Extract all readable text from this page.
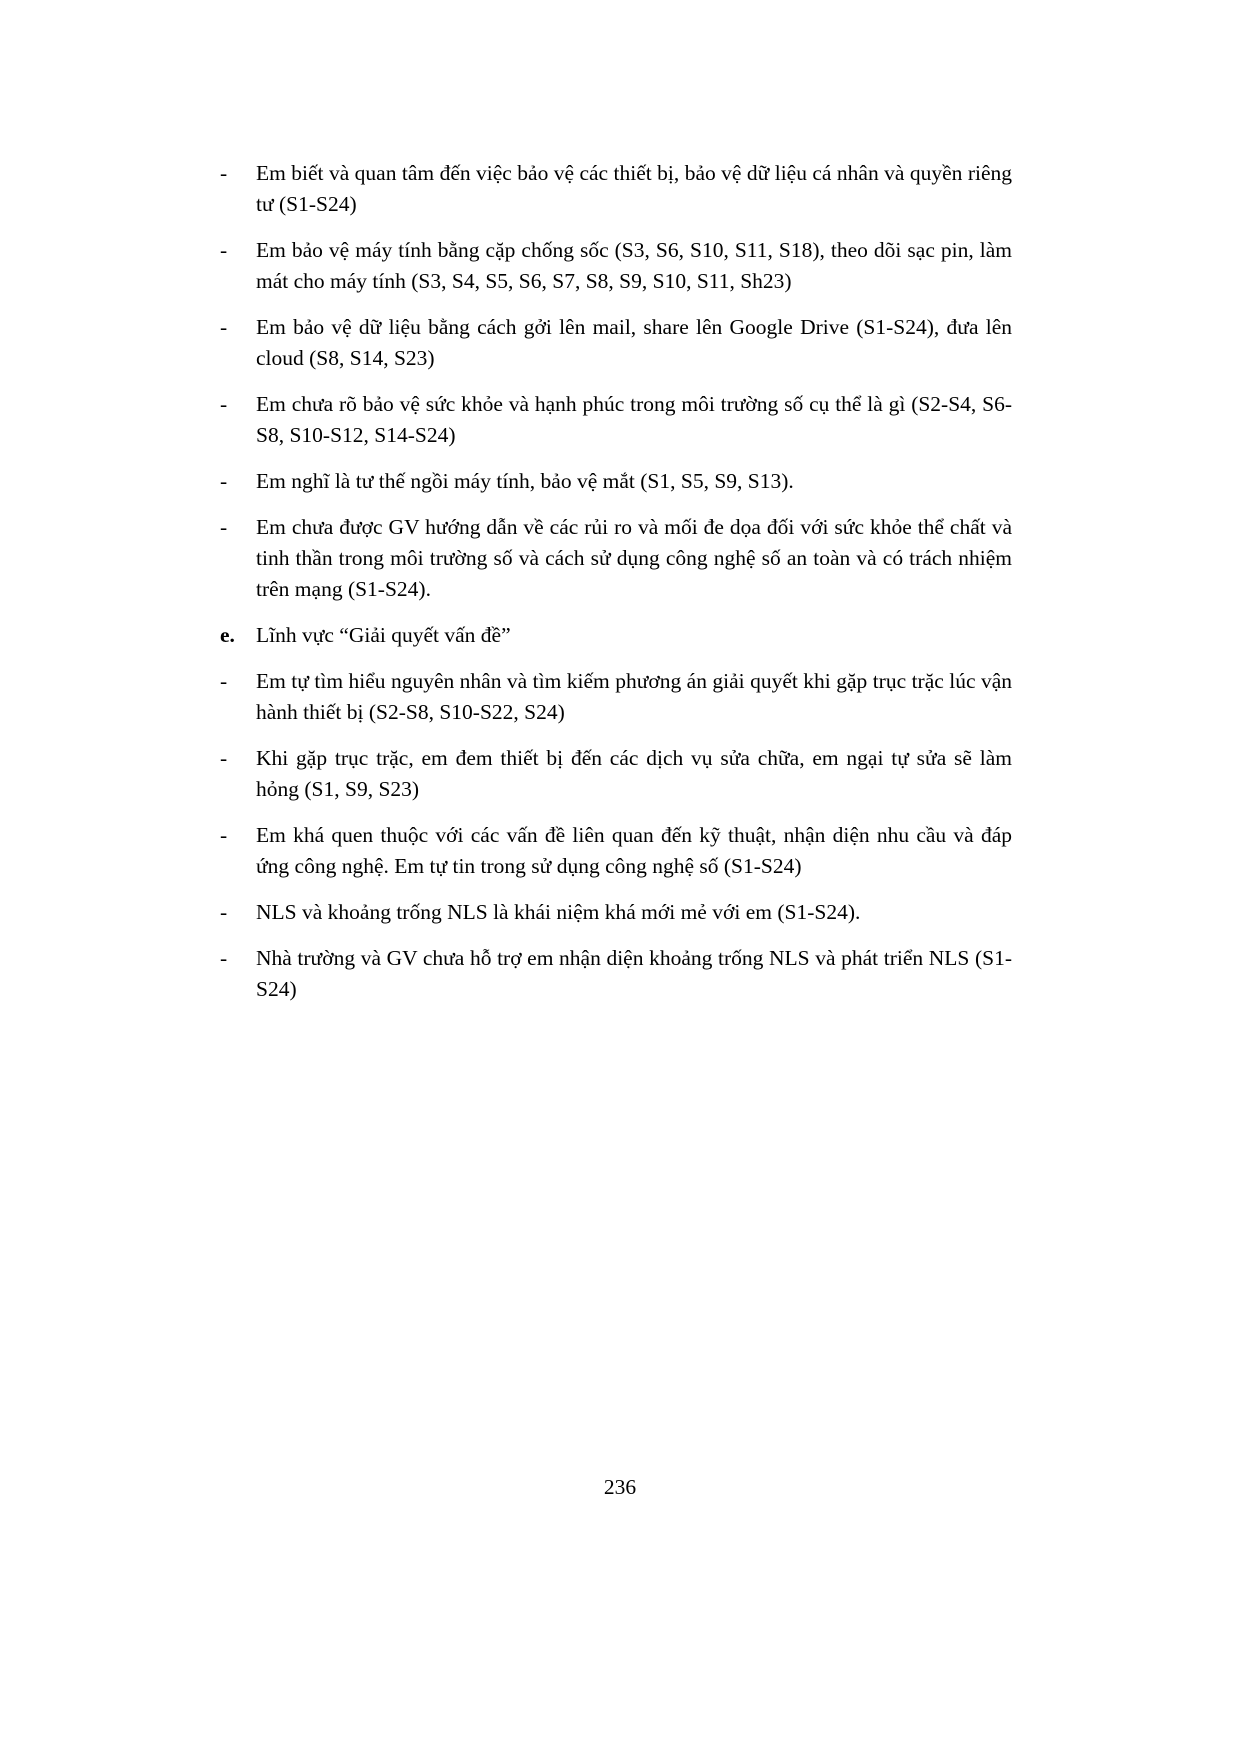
-	Em biết và quan tâm đến việc bảo vệ các thiết bị, bảo vệ dữ liệu cá nhân và quyền riêng tư (S1-S24)
-	Em bảo vệ máy tính bằng cặp chống sốc (S3, S6, S10, S11, S18), theo dõi sạc pin, làm mát cho máy tính (S3, S4, S5, S6, S7, S8, S9, S10, S11, Sh23)
-	Em bảo vệ dữ liệu bằng cách gởi lên mail, share lên Google Drive (S1-S24), đưa lên cloud (S8, S14, S23)
-	Em chưa rõ bảo vệ sức khỏe và hạnh phúc trong môi trường số cụ thể là gì (S2-S4, S6-S8, S10-S12, S14-S24)
-	Em nghĩ là tư thế ngồi máy tính, bảo vệ mắt (S1, S5, S9, S13).
-	Em chưa được GV hướng dẫn về các rủi ro và mối đe dọa đối với sức khỏe thể chất và tinh thần trong môi trường số và cách sử dụng công nghệ số an toàn và có trách nhiệm trên mạng (S1-S24).
e. Lĩnh vực “Giải quyết vấn đề”
-	Em tự tìm hiểu nguyên nhân và tìm kiếm phương án giải quyết khi gặp trục trặc lúc vận hành thiết bị (S2-S8, S10-S22, S24)
-	Khi gặp trục trặc, em đem thiết bị đến các dịch vụ sửa chữa, em ngại tự sửa sẽ làm hỏng (S1, S9, S23)
-	Em khá quen thuộc với các vấn đề liên quan đến kỹ thuật, nhận diện nhu cầu và đáp ứng công nghệ. Em tự tin trong sử dụng công nghệ số (S1-S24)
-	NLS và khoảng trống NLS là khái niệm khá mới mẻ với em (S1-S24).
-	Nhà trường và GV chưa hỗ trợ em nhận diện khoảng trống NLS và phát triển NLS (S1-S24)
236
